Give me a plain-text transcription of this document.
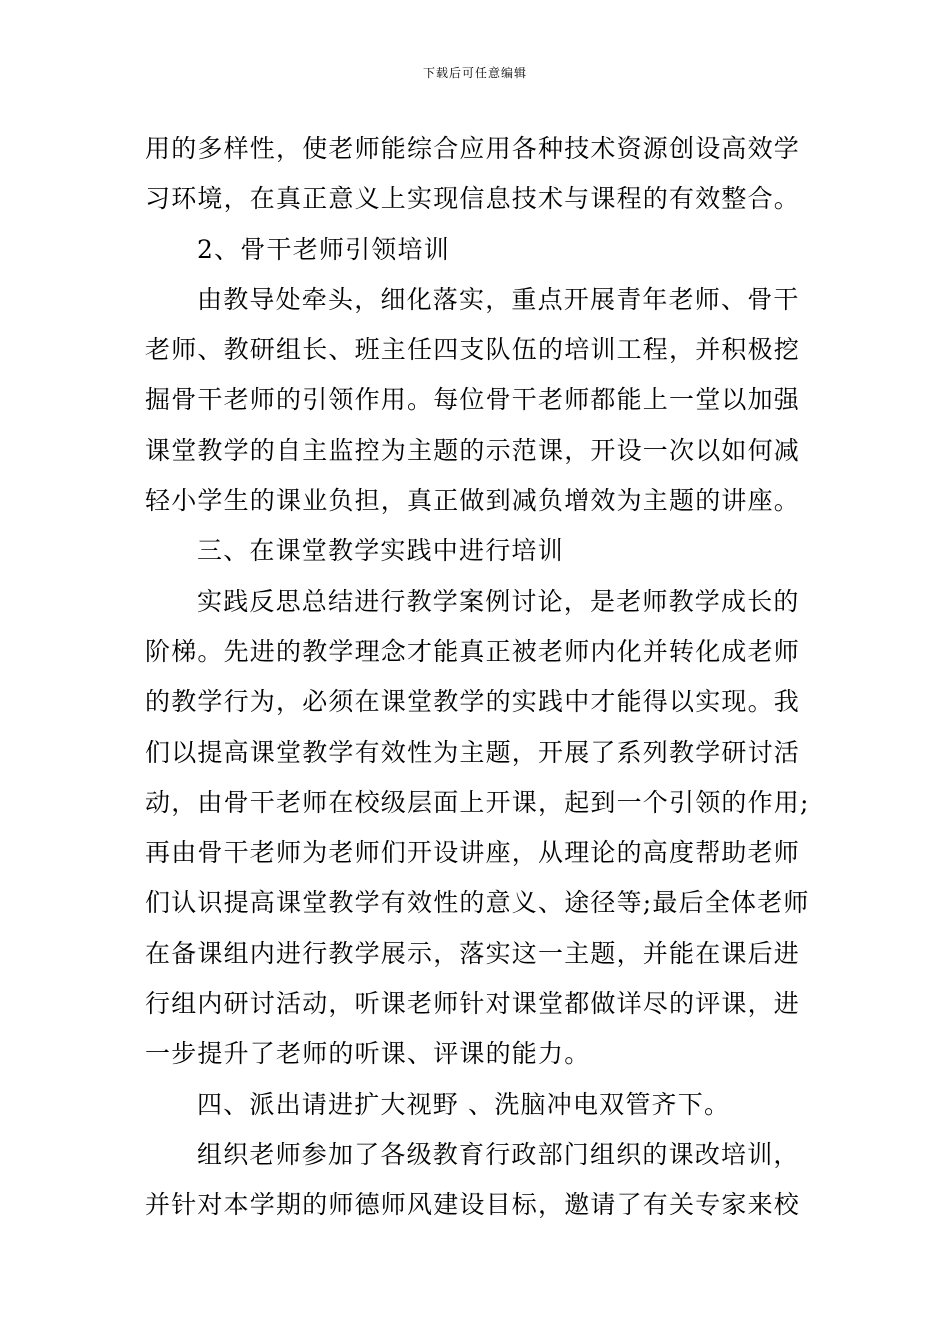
下载后可任意编辑
用的多样性，使老师能综合应用各种技术资源创设高效学
习环境，在真正意义上实现信息技术与课程的有效整合。
2、骨干老师引领培训
由教导处牵头，细化落实，重点开展青年老师、骨干
老师、教研组长、班主任四支队伍的培训工程，并积极挖
掘骨干老师的引领作用。每位骨干老师都能上一堂以加强
课堂教学的自主监控为主题的示范课，开设一次以如何减
轻小学生的课业负担，真正做到减负增效为主题的讲座。
三、在课堂教学实践中进行培训
实践反思总结进行教学案例讨论，是老师教学成长的
阶梯。先进的教学理念才能真正被老师内化并转化成老师
的教学行为，必须在课堂教学的实践中才能得以实现。我
们以提高课堂教学有效性为主题，开展了系列教学研讨活
动，由骨干老师在校级层面上开课，起到一个引领的作用;
再由骨干老师为老师们开设讲座，从理论的高度帮助老师
们认识提高课堂教学有效性的意义、途径等;最后全体老师
在备课组内进行教学展示，落实这一主题，并能在课后进
行组内研讨活动，听课老师针对课堂都做详尽的评课，进
一步提升了老师的听课、评课的能力。
四、派出请进扩大视野 、洗脑冲电双管齐下。
组织老师参加了各级教育行政部门组织的课改培训，
并针对本学期的师德师风建设目标，邀请了有关专家来校
